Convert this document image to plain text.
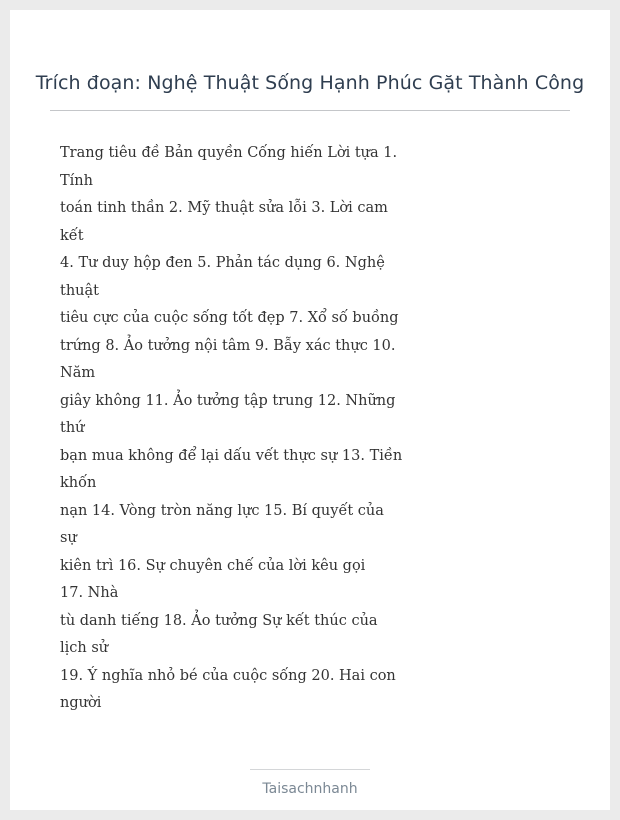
Trích đoạn: Nghệ Thuật Sống Hạnh Phúc Gặt Thành Công
Trang tiêu đề Bản quyền Cống hiến Lời tựa 1.
Tính
toán tinh thần 2. Mỹ thuật sửa lỗi 3. Lời cam
kết
4. Tư duy hộp đen 5. Phản tác dụng 6. Nghệ
thuật
tiêu cực của cuộc sống tốt đẹp 7. Xổ số buồng
trứng 8. Ảo tưởng nội tâm 9. Bẫy xác thực 10.
Năm
giây không 11. Ảo tưởng tập trung 12. Những
thứ
bạn mua không để lại dấu vết thực sự 13. Tiền
khốn
nạn 14. Vòng tròn năng lực 15. Bí quyết của
sự
kiên trì 16. Sự chuyên chế của lời kêu gọi
17. Nhà
tù danh tiếng 18. Ảo tưởng Sự kết thúc của
lịch sử
19. Ý nghĩa nhỏ bé của cuộc sống 20. Hai con
người
Taisachnhanh
